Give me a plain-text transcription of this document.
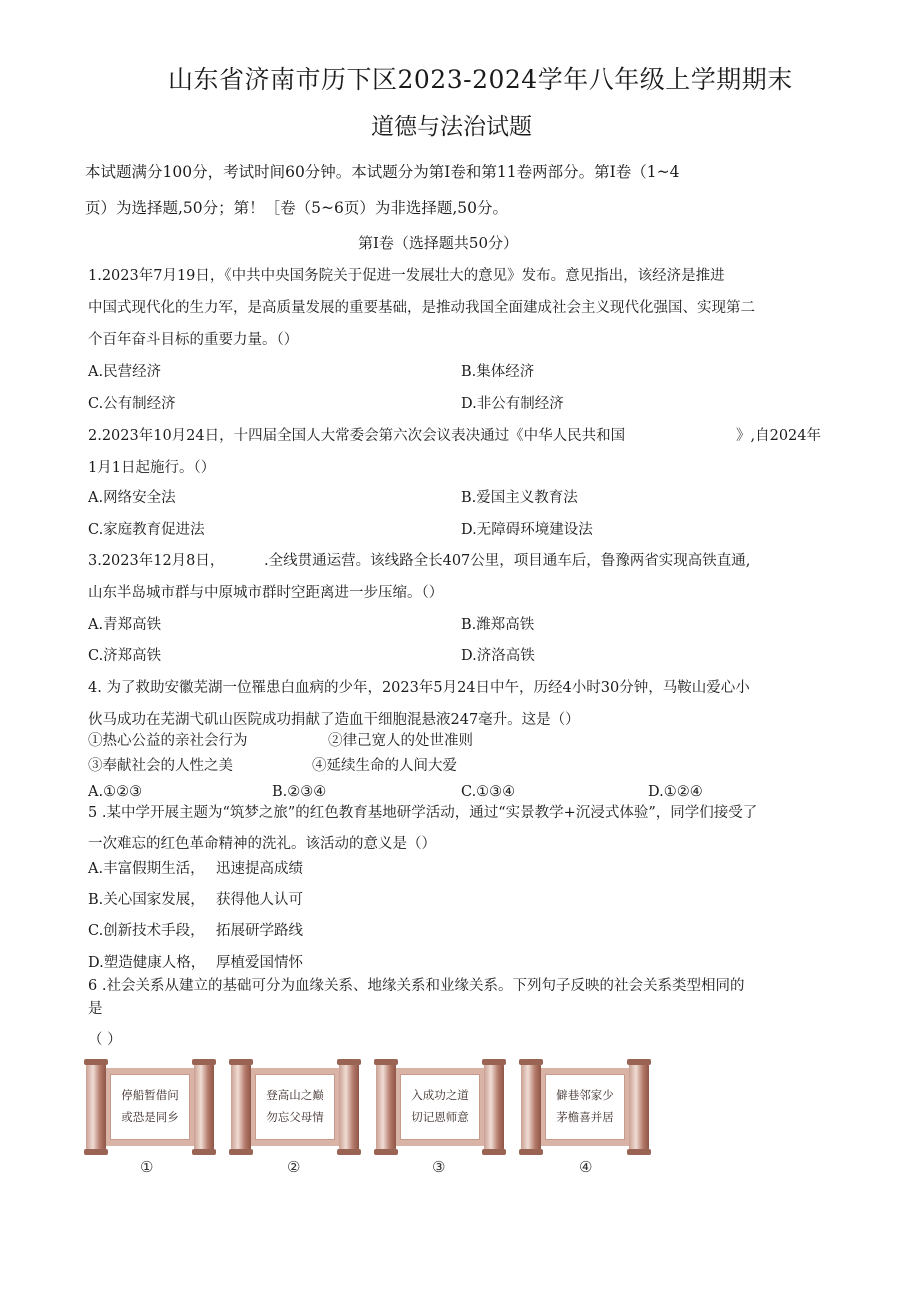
山东省济南市历下区2023-2024学年八年级上学期期末
道德与法治试题
本试题满分100分，考试时间60分钟。本试题分为第I卷和第11卷两部分。第I卷（1~4
页）为选择题,50分；第！［卷（5~6页）为非选择题,50分。
第I卷（选择题共50分）
1.2023年7月19日，《中共中央国务院关于促进一发展壮大的意见》发布。意见指出，该经济是推进
中国式现代化的生力军，是高质量发展的重要基础，是推动我国全面建成社会主义现代化强国、实现第二
个百年奋斗目标的重要力量。（）
A.民营经济	B.集体经济
C.公有制经济	D.非公有制经济
2.2023年10月24日，十四届全国人大常委会第六次会议表决通过《中华人民共和国	》,自2024年
1月1日起施行。（）
A.网络安全法	B.爱国主义教育法
C.家庭教育促进法	D.无障碍环境建设法
3.2023年12月8日，	.全线贯通运营。该线路全长407公里，项目通车后，鲁豫两省实现高铁直通,
山东半岛城市群与中原城市群时空距离进一步压缩。（）
A.青郑高铁	B.潍郑高铁
C.济郑高铁	D.济洛高铁
4. 为了救助安徽芜湖一位罹患白血病的少年，2023年5月24日中午，历经4小时30分钟，马鞍山爱心小
伙马成功在芜湖弋矶山医院成功捐献了造血干细胞混悬液247毫升。这是（）
①热心公益的亲社会行为	②律己宽人的处世准则
③奉献社会的人性之美	④延续生命的人间大爱
A.①②③	B.②③④	C.①③④	D.①②④
5 .某中学开展主题为“筑梦之旅”的红色教育基地研学活动，通过“实景教学+沉浸式体验”，同学们接受了
一次难忘的红色革命精神的洗礼。该活动的意义是（）
A.丰富假期生活， 迅速提高成绩
B.关心国家发展， 获得他人认可
C.创新技术手段， 拓展研学路线
D.塑造健康人格， 厚植爱国情怀
6 .社会关系从建立的基础可分为血缘关系、地缘关系和业缘关系。下列句子反映的社会关系类型相同的
是
（ ）
停船暂借问
或恐是同乡
①
登高山之巅
勿忘父母情
②
入成功之道
切记恩师意
③
僻巷邻家少
茅檐喜并居
④
